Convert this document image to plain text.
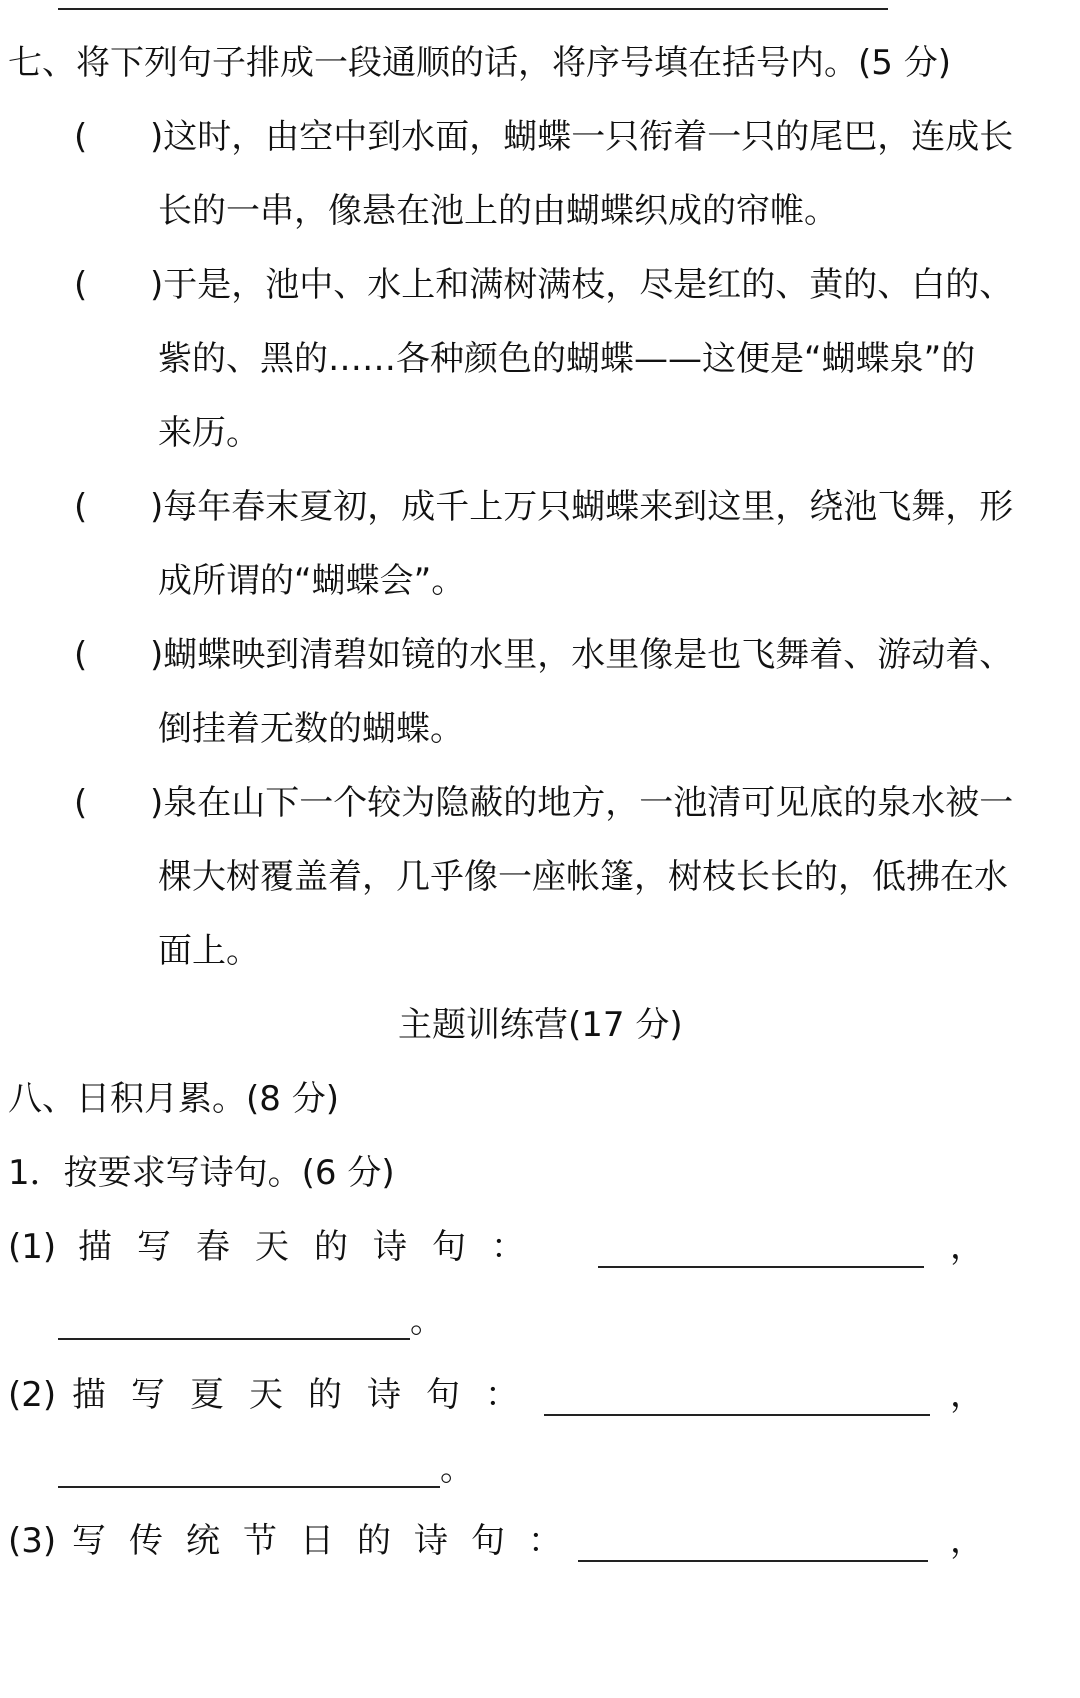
七、将下列句子排成一段通顺的话，将序号填在括号内。(5 分)
( )这时，由空中到水面，蝴蝶一只衔着一只的尾巴，连成长
长的一串，像悬在池上的由蝴蝶织成的帘帷。
( )于是，池中、水上和满树满枝，尽是红的、黄的、白的、
紫的、黑的……各种颜色的蝴蝶——这便是“蝴蝶泉”的
来历。
( )每年春末夏初，成千上万只蝴蝶来到这里，绕池飞舞，形
成所谓的“蝴蝶会”。
( )蝴蝶映到清碧如镜的水里，水里像是也飞舞着、游动着、
倒挂着无数的蝴蝶。
( )泉在山下一个较为隐蔽的地方，一池清可见底的泉水被一
棵大树覆盖着，几乎像一座帐篷，树枝长长的，低拂在水
面上。
主题训练营(17 分)
八、日积月累。(8 分)
1．按要求写诗句。(6 分)
(1) 描写春天的诗句：	，
。
(2) 描写夏天的诗句：	，
。
(3) 写传统节日的诗句：	，
